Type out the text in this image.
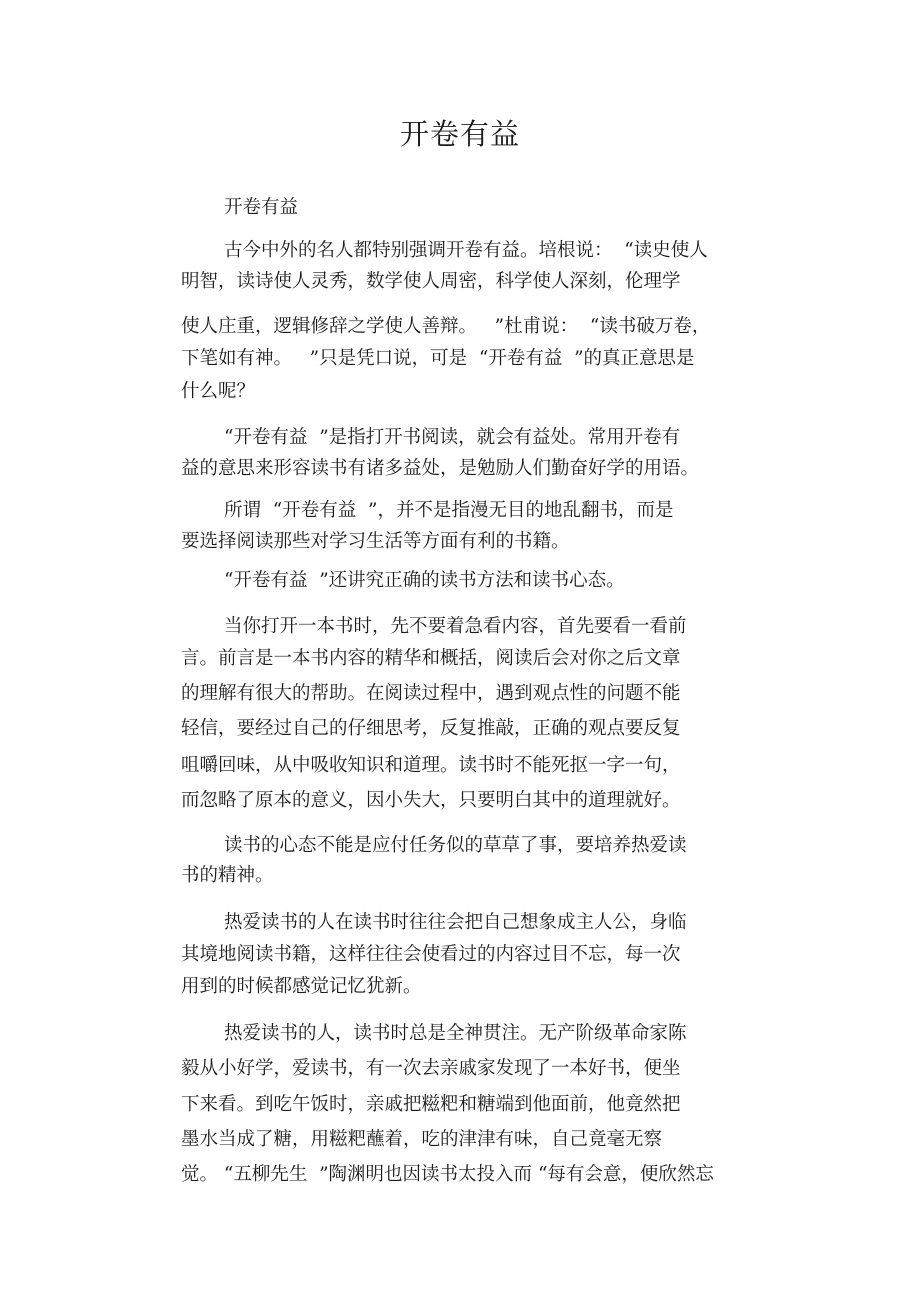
开卷有益
开卷有益
古今中外的名人都特别强调开卷有益。培根说：  “读史使人
明智，读诗使人灵秀，数学使人周密，科学使人深刻，伦理学
使人庄重，逻辑修辞之学使人善辩。   ”杜甫说：  “读书破万卷，
下笔如有神。   ”只是凭口说，可是  “开卷有益  ”的真正意思是
什么呢？
“开卷有益  ”是指打开书阅读，就会有益处。常用开卷有
益的意思来形容读书有诸多益处，是勉励人们勤奋好学的用语。
所谓  “开卷有益  ”，并不是指漫无目的地乱翻书，而是
要选择阅读那些对学习生活等方面有利的书籍。
“开卷有益  ”还讲究正确的读书方法和读书心态。
当你打开一本书时，先不要着急看内容，首先要看一看前
言。前言是一本书内容的精华和概括，阅读后会对你之后文章
的理解有很大的帮助。在阅读过程中，遇到观点性的问题不能
轻信，要经过自己的仔细思考，反复推敲，正确的观点要反复
咀嚼回味，从中吸收知识和道理。读书时不能死抠一字一句，
而忽略了原本的意义，因小失大，只要明白其中的道理就好。
读书的心态不能是应付任务似的草草了事，要培养热爱读
书的精神。
热爱读书的人在读书时往往会把自己想象成主人公，身临
其境地阅读书籍，这样往往会使看过的内容过目不忘，每一次
用到的时候都感觉记忆犹新。
热爱读书的人，读书时总是全神贯注。无产阶级革命家陈
毅从小好学，爱读书，有一次去亲戚家发现了一本好书，便坐
下来看。到吃午饭时，亲戚把糍粑和糖端到他面前，他竟然把
墨水当成了糖，用糍粑蘸着，吃的津津有味，自己竟毫无察
觉。 “五柳先生  ”陶渊明也因读书太投入而 “每有会意，便欣然忘
